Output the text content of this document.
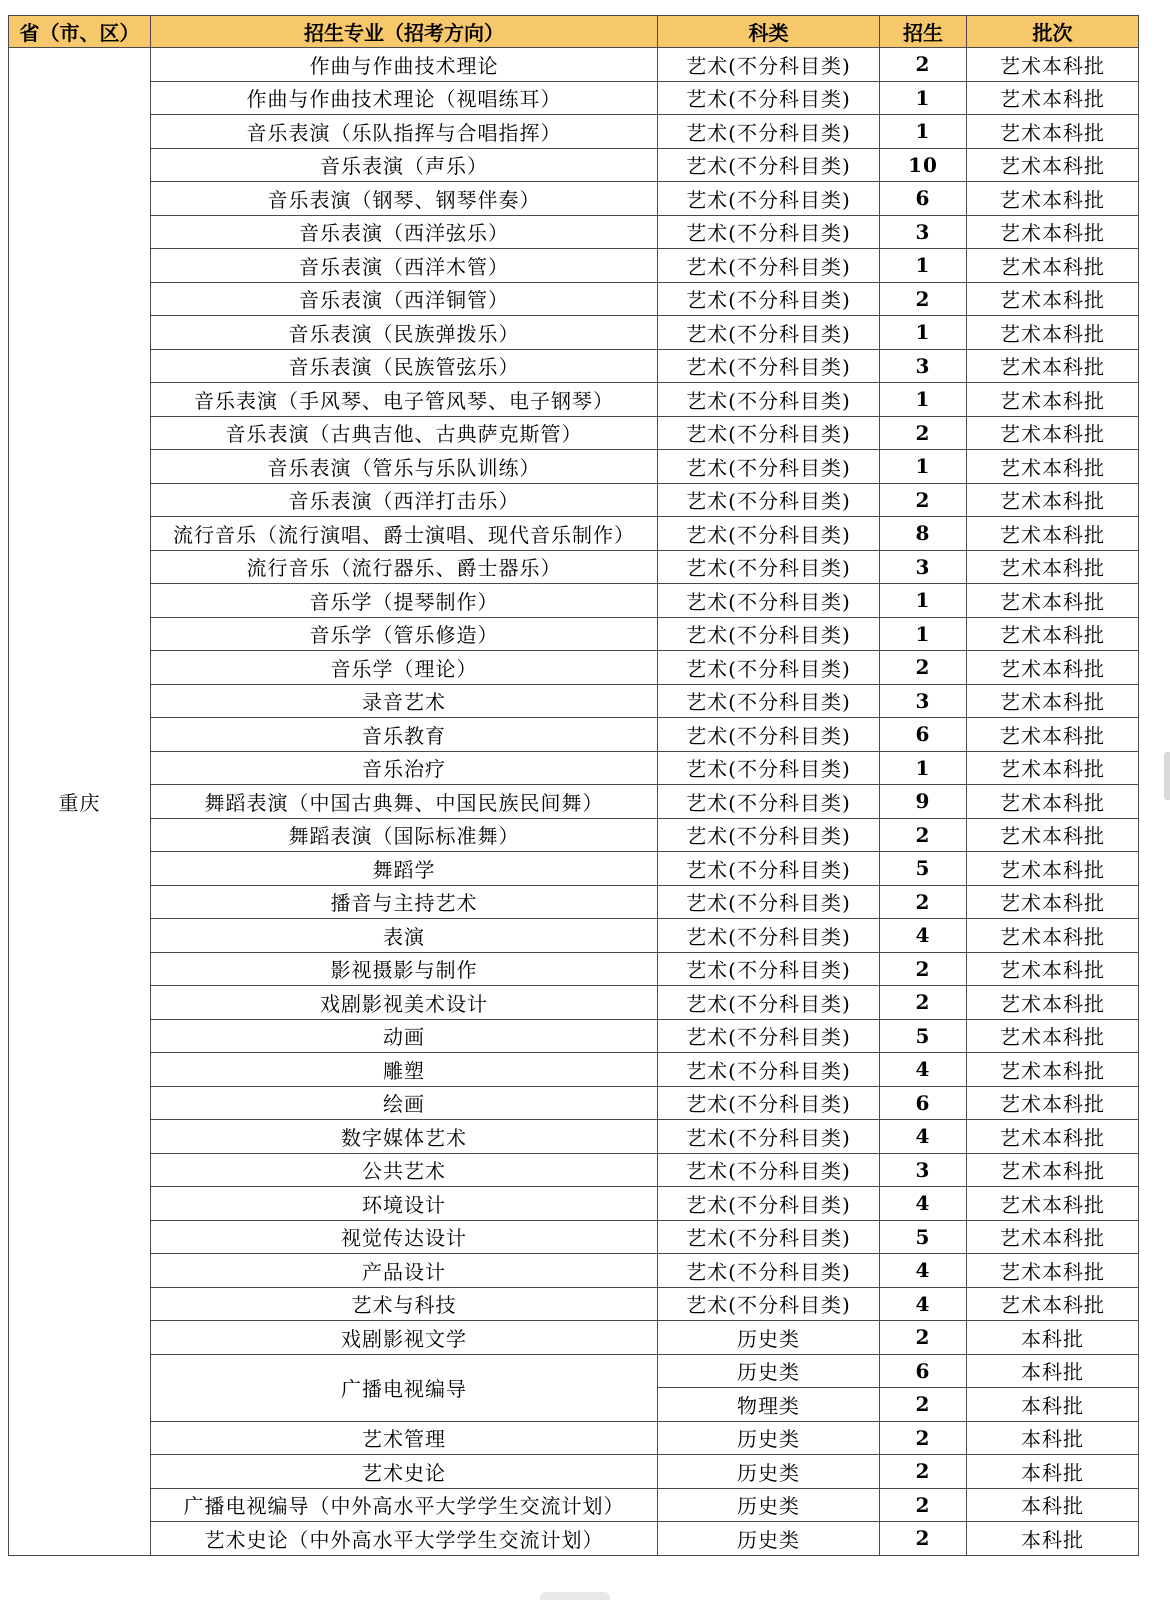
省（市、区）	招生专业（招考方向）	科类	招生	批次
重庆	作曲与作曲技术理论	艺术(不分科目类)	2	艺术本科批
	作曲与作曲技术理论（视唱练耳）	艺术(不分科目类)	1	艺术本科批
	音乐表演（乐队指挥与合唱指挥）	艺术(不分科目类)	1	艺术本科批
	音乐表演（声乐）	艺术(不分科目类)	10	艺术本科批
	音乐表演（钢琴、钢琴伴奏）	艺术(不分科目类)	6	艺术本科批
	音乐表演（西洋弦乐）	艺术(不分科目类)	3	艺术本科批
	音乐表演（西洋木管）	艺术(不分科目类)	1	艺术本科批
	音乐表演（西洋铜管）	艺术(不分科目类)	2	艺术本科批
	音乐表演（民族弹拨乐）	艺术(不分科目类)	1	艺术本科批
	音乐表演（民族管弦乐）	艺术(不分科目类)	3	艺术本科批
	音乐表演（手风琴、电子管风琴、电子钢琴）	艺术(不分科目类)	1	艺术本科批
	音乐表演（古典吉他、古典萨克斯管）	艺术(不分科目类)	2	艺术本科批
	音乐表演（管乐与乐队训练）	艺术(不分科目类)	1	艺术本科批
	音乐表演（西洋打击乐）	艺术(不分科目类)	2	艺术本科批
	流行音乐（流行演唱、爵士演唱、现代音乐制作）	艺术(不分科目类)	8	艺术本科批
	流行音乐（流行器乐、爵士器乐）	艺术(不分科目类)	3	艺术本科批
	音乐学（提琴制作）	艺术(不分科目类)	1	艺术本科批
	音乐学（管乐修造）	艺术(不分科目类)	1	艺术本科批
	音乐学（理论）	艺术(不分科目类)	2	艺术本科批
	录音艺术	艺术(不分科目类)	3	艺术本科批
	音乐教育	艺术(不分科目类)	6	艺术本科批
	音乐治疗	艺术(不分科目类)	1	艺术本科批
	舞蹈表演（中国古典舞、中国民族民间舞）	艺术(不分科目类)	9	艺术本科批
	舞蹈表演（国际标准舞）	艺术(不分科目类)	2	艺术本科批
	舞蹈学	艺术(不分科目类)	5	艺术本科批
	播音与主持艺术	艺术(不分科目类)	2	艺术本科批
	表演	艺术(不分科目类)	4	艺术本科批
	影视摄影与制作	艺术(不分科目类)	2	艺术本科批
	戏剧影视美术设计	艺术(不分科目类)	2	艺术本科批
	动画	艺术(不分科目类)	5	艺术本科批
	雕塑	艺术(不分科目类)	4	艺术本科批
	绘画	艺术(不分科目类)	6	艺术本科批
	数字媒体艺术	艺术(不分科目类)	4	艺术本科批
	公共艺术	艺术(不分科目类)	3	艺术本科批
	环境设计	艺术(不分科目类)	4	艺术本科批
	视觉传达设计	艺术(不分科目类)	5	艺术本科批
	产品设计	艺术(不分科目类)	4	艺术本科批
	艺术与科技	艺术(不分科目类)	4	艺术本科批
	戏剧影视文学	历史类	2	本科批
	广播电视编导	历史类	6	本科批
		物理类	2	本科批
	艺术管理	历史类	2	本科批
	艺术史论	历史类	2	本科批
	广播电视编导（中外高水平大学学生交流计划）	历史类	2	本科批
	艺术史论（中外高水平大学学生交流计划）	历史类	2	本科批
